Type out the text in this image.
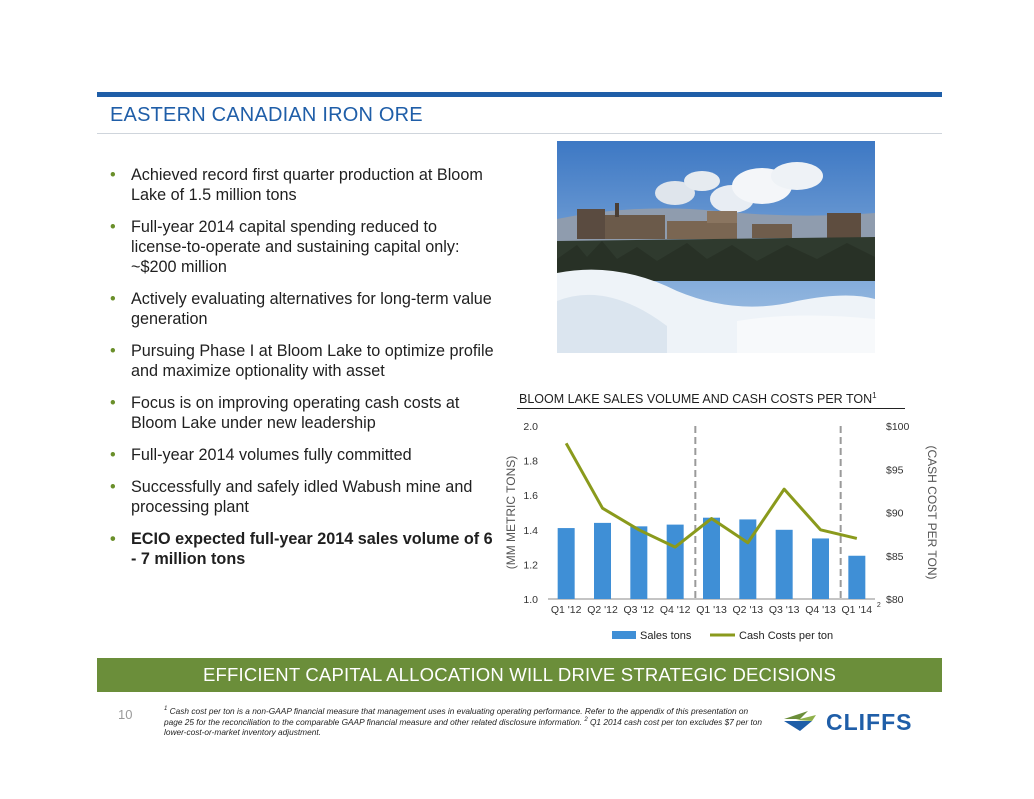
EASTERN CANADIAN IRON ORE
• Achieved record first quarter production at Bloom Lake of 1.5 million tons
• Full-year 2014 capital spending reduced to license-to-operate and sustaining capital only: ~$200 million
• Actively evaluating alternatives for long-term value generation
• Pursuing Phase I at Bloom Lake to optimize profile and maximize optionality with asset
• Focus is on improving operating cash costs at Bloom Lake under new leadership
• Full-year 2014 volumes fully committed
• Successfully and safely idled Wabush mine and processing plant
• ECIO expected full-year 2014 sales volume of 6 - 7 million tons
BLOOM LAKE SALES VOLUME AND CASH COSTS PER TON$^1$
1.0
1.2
1.4
1.6
1.8
2.0
$80
$85
$90
$95
$100
(MM METRIC TONS)	(CASH COST PER TON)
Q1 '12 Q2 '12 Q3 '12 Q4 '12 Q1 '13 Q2 '13 Q3 '13 Q4 '13 Q1 '14 2
Sales tons	Cash Costs per ton
EFFICIENT CAPITAL ALLOCATION WILL DRIVE STRATEGIC DECISIONS
10	$^1$ Cash cost per ton is a non-GAAP financial measure that management uses in evaluating operating performance. Refer to the appendix of this presentation on page 25 for the reconciliation to the comparable GAAP financial measure and other related disclosure information. $^2$ Q1 2014 cash cost per ton excludes $7 per ton lower-cost-or-market inventory adjustment.	CLIFFS
